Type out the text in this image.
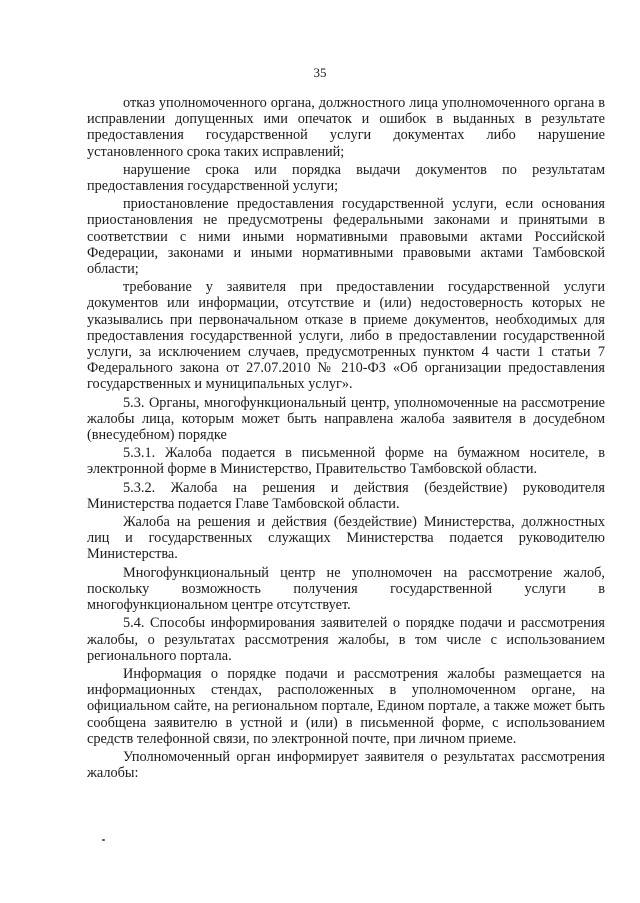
35

отказ уполномоченного органа, должностного лица уполномоченного органа в исправлении допущенных ими опечаток и ошибок в выданных в результате предоставления государственной услуги документах либо нарушение установленного срока таких исправлений;

нарушение срока или порядка выдачи документов по результатам предоставления государственной услуги;

приостановление предоставления государственной услуги, если основания приостановления не предусмотрены федеральными законами и принятыми в соответствии с ними иными нормативными правовыми актами Российской Федерации, законами и иными нормативными правовыми актами Тамбовской области;

требование у заявителя при предоставлении государственной услуги документов или информации, отсутствие и (или) недостоверность которых не указывались при первоначальном отказе в приеме документов, необходимых для предоставления государственной услуги, либо в предоставлении государственной услуги, за исключением случаев, предусмотренных пунктом 4 части 1 статьи 7 Федерального закона от 27.07.2010 № 210-ФЗ «Об организации предоставления государственных и муниципальных услуг».

5.3. Органы, многофункциональный центр, уполномоченные на рассмотрение жалобы лица, которым может быть направлена жалоба заявителя в досудебном (внесудебном) порядке

5.3.1. Жалоба подается в письменной форме на бумажном носителе, в электронной форме в Министерство, Правительство Тамбовской области.

5.3.2. Жалоба на решения и действия (бездействие) руководителя Министерства подается Главе Тамбовской области.

Жалоба на решения и действия (бездействие) Министерства, должностных лиц и государственных служащих Министерства подается руководителю Министерства.

Многофункциональный центр не уполномочен на рассмотрение жалоб, поскольку возможность получения государственной услуги в многофункциональном центре отсутствует.

5.4. Способы информирования заявителей о порядке подачи и рассмотрения жалобы, о результатах рассмотрения жалобы, в том числе с использованием регионального портала.

Информация о порядке подачи и рассмотрения жалобы размещается на информационных стендах, расположенных в уполномоченном органе, на официальном сайте, на региональном портале, Едином портале, а также может быть сообщена заявителю в устной и (или) в письменной форме, с использованием средств телефонной связи, по электронной почте, при личном приеме.

Уполномоченный орган информирует заявителя о результатах рассмотрения жалобы:
